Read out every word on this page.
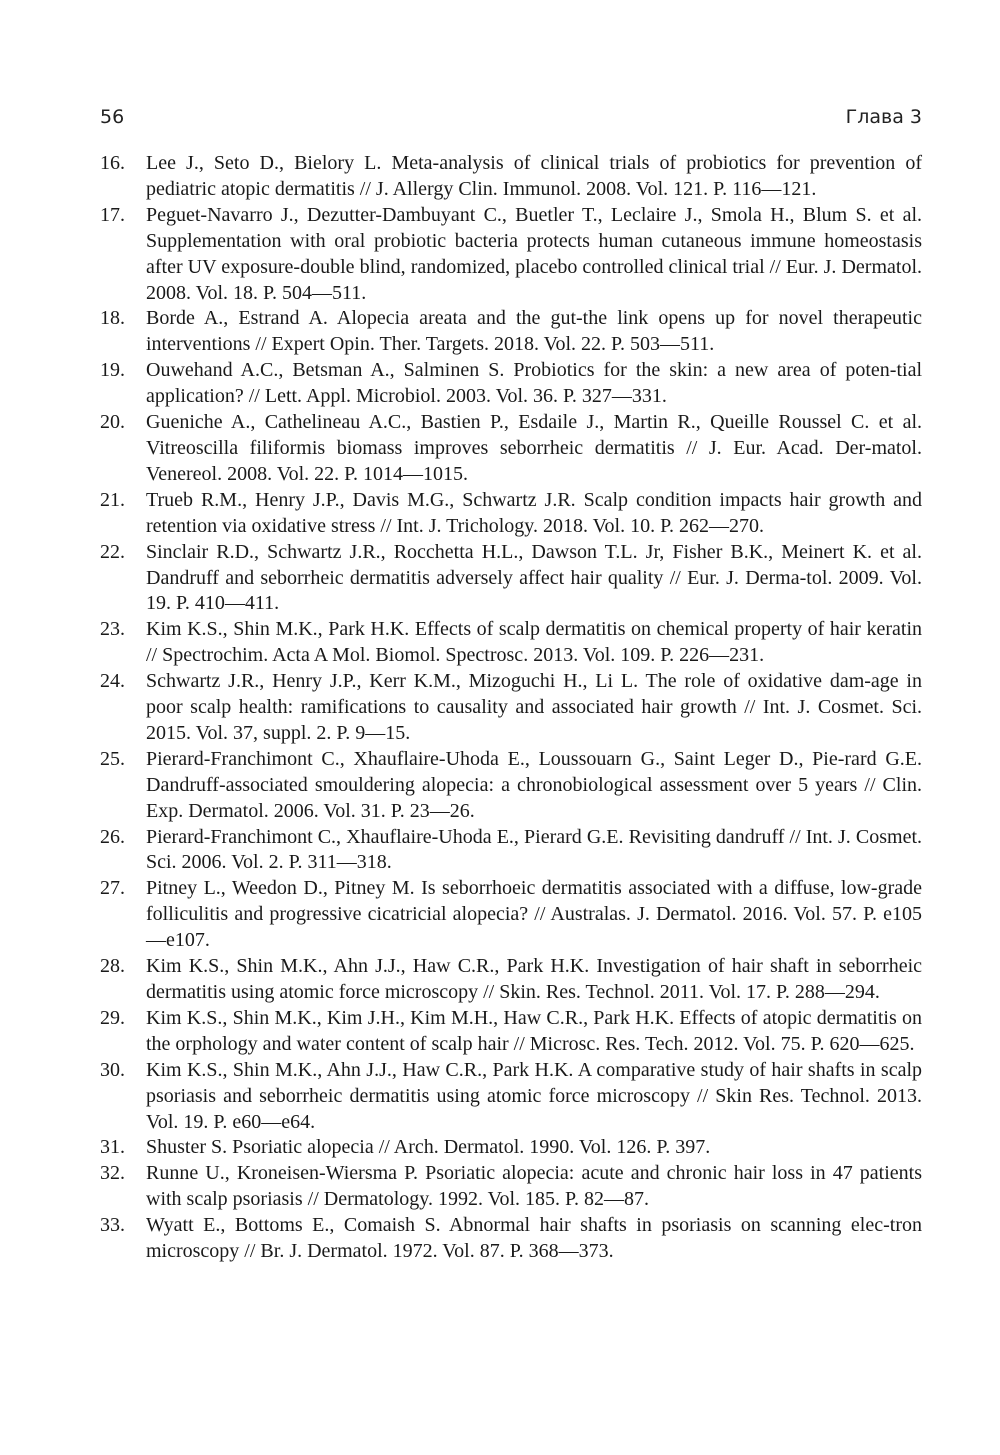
56	Глава 3
16.	Lee J., Seto D., Bielory L. Meta-analysis of clinical trials of probiotics for prevention of pediatric atopic dermatitis // J. Allergy Clin. Immunol. 2008. Vol. 121. P. 116—121.
17.	Peguet-Navarro J., Dezutter-Dambuyant C., Buetler T., Leclaire J., Smola H., Blum S. et al. Supplementation with oral probiotic bacteria protects human cutaneous immune homeostasis after UV exposure-double blind, randomized, placebo controlled clinical trial // Eur. J. Dermatol. 2008. Vol. 18. P. 504—511.
18.	Borde A., Estrand A. Alopecia areata and the gut-the link opens up for novel therapeutic interventions // Expert Opin. Ther. Targets. 2018. Vol. 22. P. 503—511.
19.	Ouwehand A.C., Betsman A., Salminen S. Probiotics for the skin: a new area of poten-tial application? // Lett. Appl. Microbiol. 2003. Vol. 36. P. 327—331.
20.	Gueniche A., Cathelineau A.C., Bastien P., Esdaile J., Martin R., Queille Roussel C. et al. Vitreoscilla filiformis biomass improves seborrheic dermatitis // J. Eur. Acad. Der-matol. Venereol. 2008. Vol. 22. P. 1014—1015.
21.	Trueb R.M., Henry J.P., Davis M.G., Schwartz J.R. Scalp condition impacts hair growth and retention via oxidative stress // Int. J. Trichology. 2018. Vol. 10. P. 262—270.
22.	Sinclair R.D., Schwartz J.R., Rocchetta H.L., Dawson T.L. Jr, Fisher B.K., Meinert K. et al. Dandruff and seborrheic dermatitis adversely affect hair quality // Eur. J. Derma-tol. 2009. Vol. 19. P. 410—411.
23.	Kim K.S., Shin M.K., Park H.K. Effects of scalp dermatitis on chemical property of hair keratin // Spectrochim. Acta A Mol. Biomol. Spectrosc. 2013. Vol. 109. P. 226—231.
24.	Schwartz J.R., Henry J.P., Kerr K.M., Mizoguchi H., Li L. The role of oxidative dam-age in poor scalp health: ramifications to causality and associated hair growth // Int. J. Cosmet. Sci. 2015. Vol. 37, suppl. 2. P. 9—15.
25.	Pierard-Franchimont C., Xhauflaire-Uhoda E., Loussouarn G., Saint Leger D., Pie-rard G.E. Dandruff-associated smouldering alopecia: a chronobiological assessment over 5 years // Clin. Exp. Dermatol. 2006. Vol. 31. P. 23—26.
26.	Pierard-Franchimont C., Xhauflaire-Uhoda E., Pierard G.E. Revisiting dandruff // Int. J. Cosmet. Sci. 2006. Vol. 2. P. 311—318.
27.	Pitney L., Weedon D., Pitney M. Is seborrhoeic dermatitis associated with a diffuse, low-grade folliculitis and progressive cicatricial alopecia? // Australas. J. Dermatol. 2016. Vol. 57. P. e105—e107.
28.	Kim K.S., Shin M.K., Ahn J.J., Haw C.R., Park H.K. Investigation of hair shaft in seborrheic dermatitis using atomic force microscopy // Skin. Res. Technol. 2011. Vol. 17. P. 288—294.
29.	Kim K.S., Shin M.K., Kim J.H., Kim M.H., Haw C.R., Park H.K. Effects of atopic dermatitis on the orphology and water content of scalp hair // Microsc. Res. Tech. 2012. Vol. 75. P. 620—625.
30.	Kim K.S., Shin M.K., Ahn J.J., Haw C.R., Park H.K. A comparative study of hair shafts in scalp psoriasis and seborrheic dermatitis using atomic force microscopy // Skin Res. Technol. 2013. Vol. 19. P. e60—e64.
31.	Shuster S. Psoriatic alopecia // Arch. Dermatol. 1990. Vol. 126. P. 397.
32.	Runne U., Kroneisen-Wiersma P. Psoriatic alopecia: acute and chronic hair loss in 47 patients with scalp psoriasis // Dermatology. 1992. Vol. 185. P. 82—87.
33.	Wyatt E., Bottoms E., Comaish S. Abnormal hair shafts in psoriasis on scanning elec-tron microscopy // Br. J. Dermatol. 1972. Vol. 87. P. 368—373.
